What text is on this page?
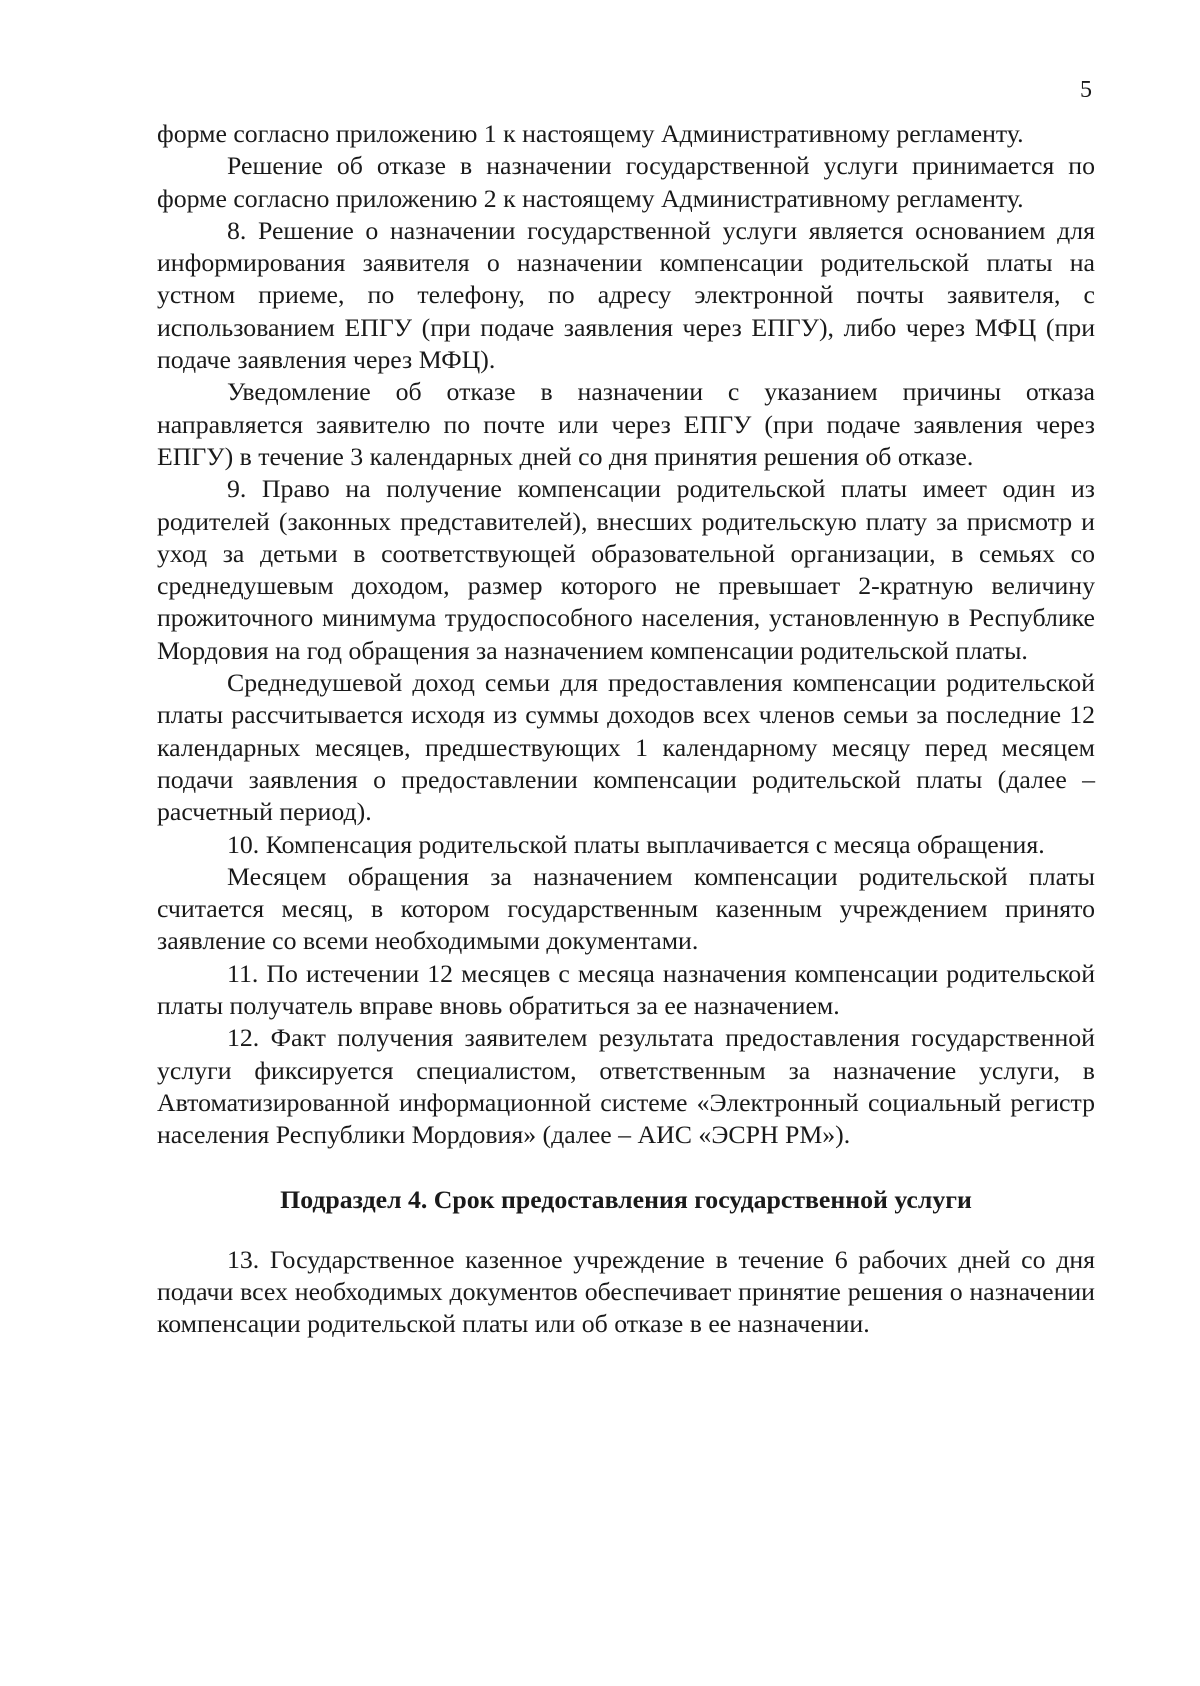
5

форме согласно приложению 1 к настоящему Административному регламенту.

Решение об отказе в назначении государственной услуги принимается по форме согласно приложению 2 к настоящему Административному регламенту.

8. Решение о назначении государственной услуги является основанием для информирования заявителя о назначении компенсации родительской платы на устном приеме, по телефону, по адресу электронной почты заявителя, с использованием ЕПГУ (при подаче заявления через ЕПГУ), либо через МФЦ (при подаче заявления через МФЦ).

Уведомление об отказе в назначении с указанием причины отказа направляется заявителю по почте или через ЕПГУ (при подаче заявления через ЕПГУ) в течение 3 календарных дней со дня принятия решения об отказе.

9. Право на получение компенсации родительской платы имеет один из родителей (законных представителей), внесших родительскую плату за присмотр и уход за детьми в соответствующей образовательной организации, в семьях со среднедушевым доходом, размер которого не превышает 2-кратную величину прожиточного минимума трудоспособного населения, установленную в Республике Мордовия на год обращения за назначением компенсации родительской платы.

Среднедушевой доход семьи для предоставления компенсации родительской платы рассчитывается исходя из суммы доходов всех членов семьи за последние 12 календарных месяцев, предшествующих 1 календарному месяцу перед месяцем подачи заявления о предоставлении компенсации родительской платы (далее – расчетный период).

10. Компенсация родительской платы выплачивается с месяца обращения.

Месяцем обращения за назначением компенсации родительской платы считается месяц, в котором государственным казенным учреждением принято заявление со всеми необходимыми документами.

11. По истечении 12 месяцев с месяца назначения компенсации родительской платы получатель вправе вновь обратиться за ее назначением.

12. Факт получения заявителем результата предоставления государственной услуги фиксируется специалистом, ответственным за назначение услуги, в Автоматизированной информационной системе «Электронный социальный регистр населения Республики Мордовия» (далее – АИС «ЭСРН РМ»).

Подраздел 4. Срок предоставления государственной услуги

13. Государственное казенное учреждение в течение 6 рабочих дней со дня подачи всех необходимых документов обеспечивает принятие решения о назначении компенсации родительской платы или об отказе в ее назначении.
